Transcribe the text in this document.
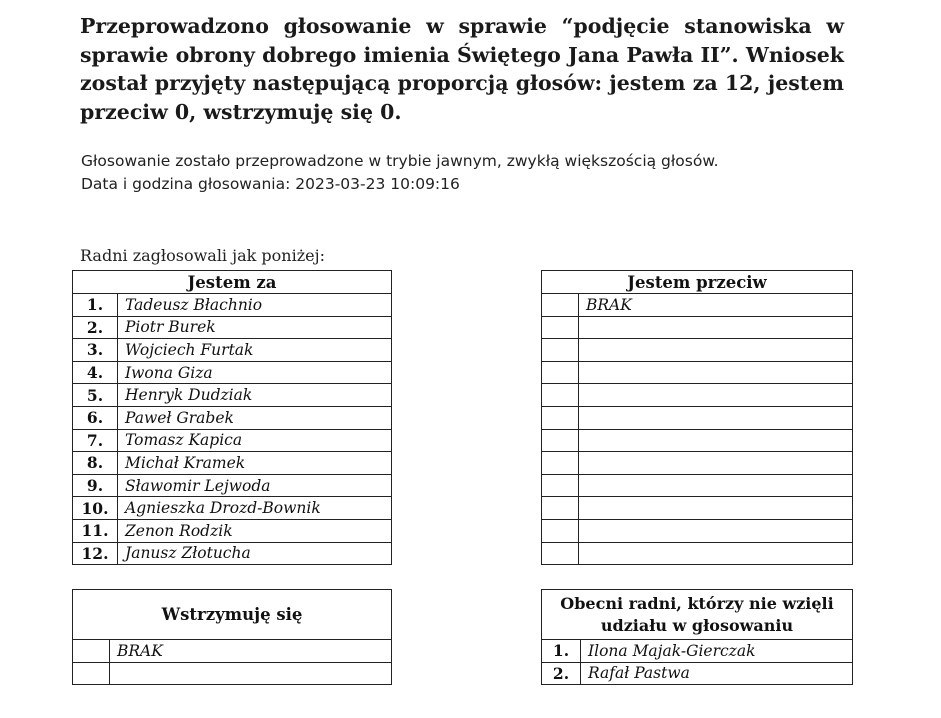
Przeprowadzono głosowanie w sprawie “podjęcie stanowiska w sprawie obrony dobrego imienia Świętego Jana Pawła II”. Wniosek został przyjęty następującą proporcją głosów: jestem za 12, jestem przeciw 0, wstrzymuję się 0.
Głosowanie zostało przeprowadzone w trybie jawnym, zwykłą większością głosów.
Data i godzina głosowania: 2023-03-23 10:09:16
Radni zagłosowali jak poniżej:
Jestem za	
1.	Tadeusz Błachnio
2.	Piotr Burek
3.	Wojciech Furtak
4.	Iwona Giza
5.	Henryk Dudziak
6.	Paweł Grabek
7.	Tomasz Kapica
8.	Michał Kramek
9.	Sławomir Lejwoda
10.	Agnieszka Drozd-Bownik
11.	Zenon Rodzik
12.	Janusz Złotucha
Jestem przeciw	
	BRAK

Wstrzymuję się	
	BRAK

Obecni radni, którzy nie wzięli
udziału w głosowaniu	

1.	Ilona Majak-Gierczak
2.	Rafał Pastwa
